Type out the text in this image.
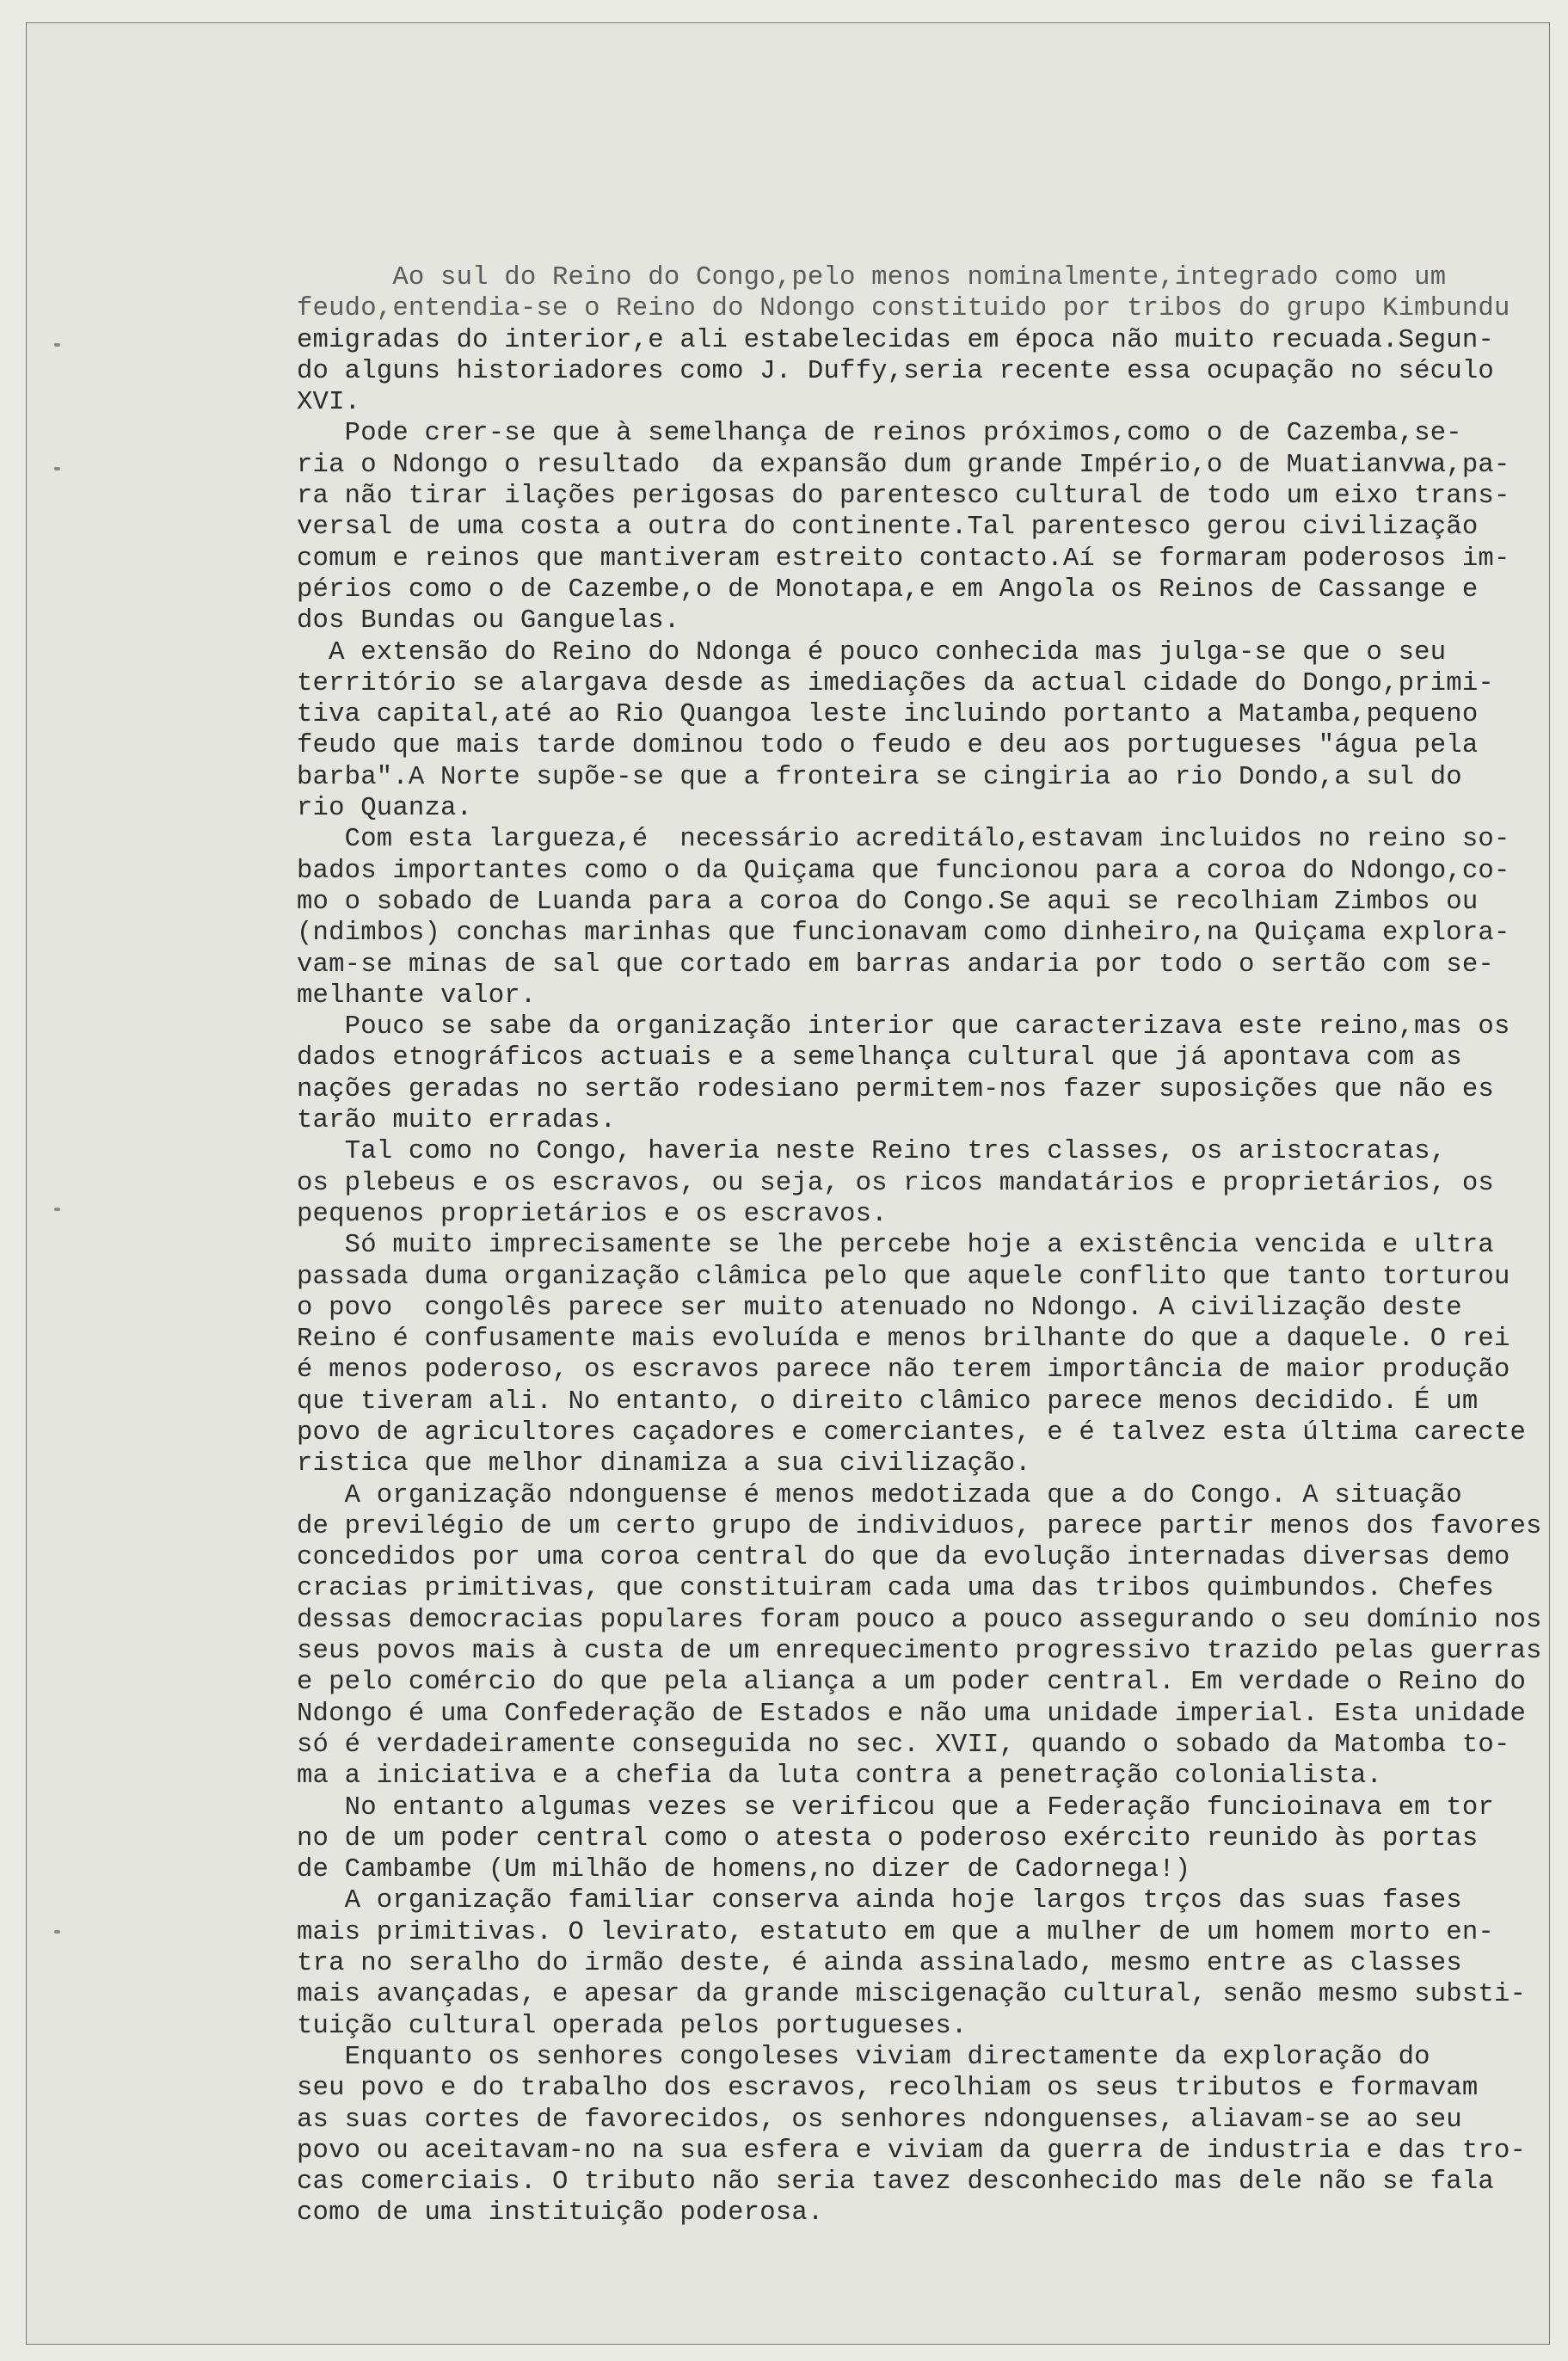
Ao sul do Reino do Congo,pelo menos nominalmente,integrado como um
feudo,entendia-se o Reino do Ndongo constituido por tribos do grupo Kimbundu
emigradas do interior,e ali estabelecidas em época não muito recuada.Segun-
do alguns historiadores como J. Duffy,seria recente essa ocupação no século
XVI.
Pode crer-se que à semelhança de reinos próximos,como o de Cazemba,se-
ria o Ndongo o resultado  da expansão dum grande Império,o de Muatianvwa,pa-
ra não tirar ilações perigosas do parentesco cultural de todo um eixo trans-
versal de uma costa a outra do continente.Tal parentesco gerou civilização
comum e reinos que mantiveram estreito contacto.Aí se formaram poderosos im-
périos como o de Cazembe,o de Monotapa,e em Angola os Reinos de Cassange e
dos Bundas ou Ganguelas.
A extensão do Reino do Ndonga é pouco conhecida mas julga-se que o seu
território se alargava desde as imediações da actual cidade do Dongo,primi-
tiva capital,até ao Rio Quangoa leste incluindo portanto a Matamba,pequeno
feudo que mais tarde dominou todo o feudo e deu aos portugueses "água pela
barba".A Norte supõe-se que a fronteira se cingiria ao rio Dondo,a sul do
rio Quanza.
Com esta largueza,é  necessário acreditálo,estavam incluidos no reino so-
bados importantes como o da Quiçama que funcionou para a coroa do Ndongo,co-
mo o sobado de Luanda para a coroa do Congo.Se aqui se recolhiam Zimbos ou
(ndimbos) conchas marinhas que funcionavam como dinheiro,na Quiçama explora-
vam-se minas de sal que cortado em barras andaria por todo o sertão com se-
melhante valor.
Pouco se sabe da organização interior que caracterizava este reino,mas os
dados etnográficos actuais e a semelhança cultural que já apontava com as
nações geradas no sertão rodesiano permitem-nos fazer suposições que não es
tarão muito erradas.
Tal como no Congo, haveria neste Reino tres classes, os aristocratas,
os plebeus e os escravos, ou seja, os ricos mandatários e proprietários, os
pequenos proprietários e os escravos.
Só muito imprecisamente se lhe percebe hoje a existência vencida e ultra
passada duma organização clâmica pelo que aquele conflito que tanto torturou
o povo  congolês parece ser muito atenuado no Ndongo. A civilização deste
Reino é confusamente mais evoluída e menos brilhante do que a daquele. O rei
é menos poderoso, os escravos parece não terem importância de maior produção
que tiveram ali. No entanto, o direito clâmico parece menos decidido. É um
povo de agricultores caçadores e comerciantes, e é talvez esta última carecte
ristica que melhor dinamiza a sua civilização.
A organização ndonguense é menos medotizada que a do Congo. A situação
de previlégio de um certo grupo de individuos, parece partir menos dos favores
concedidos por uma coroa central do que da evolução internadas diversas demo
cracias primitivas, que constituiram cada uma das tribos quimbundos. Chefes
dessas democracias populares foram pouco a pouco assegurando o seu domínio nos
seus povos mais à custa de um enrequecimento progressivo trazido pelas guerras
e pelo comércio do que pela aliança a um poder central. Em verdade o Reino do
Ndongo é uma Confederação de Estados e não uma unidade imperial. Esta unidade
só é verdadeiramente conseguida no sec. XVII, quando o sobado da Matomba to-
ma a iniciativa e a chefia da luta contra a penetração colonialista.
No entanto algumas vezes se verificou que a Federação funcioinava em tor
no de um poder central como o atesta o poderoso exército reunido às portas
de Cambambe (Um milhão de homens,no dizer de Cadornega!)
A organização familiar conserva ainda hoje largos trços das suas fases
mais primitivas. O levirato, estatuto em que a mulher de um homem morto en-
tra no seralho do irmão deste, é ainda assinalado, mesmo entre as classes
mais avançadas, e apesar da grande miscigenação cultural, senão mesmo substi-
tuição cultural operada pelos portugueses.
Enquanto os senhores congoleses viviam directamente da exploração do
seu povo e do trabalho dos escravos, recolhiam os seus tributos e formavam
as suas cortes de favorecidos, os senhores ndonguenses, aliavam-se ao seu
povo ou aceitavam-no na sua esfera e viviam da guerra de industria e das tro-
cas comerciais. O tributo não seria tavez desconhecido mas dele não se fala
como de uma instituição poderosa.
